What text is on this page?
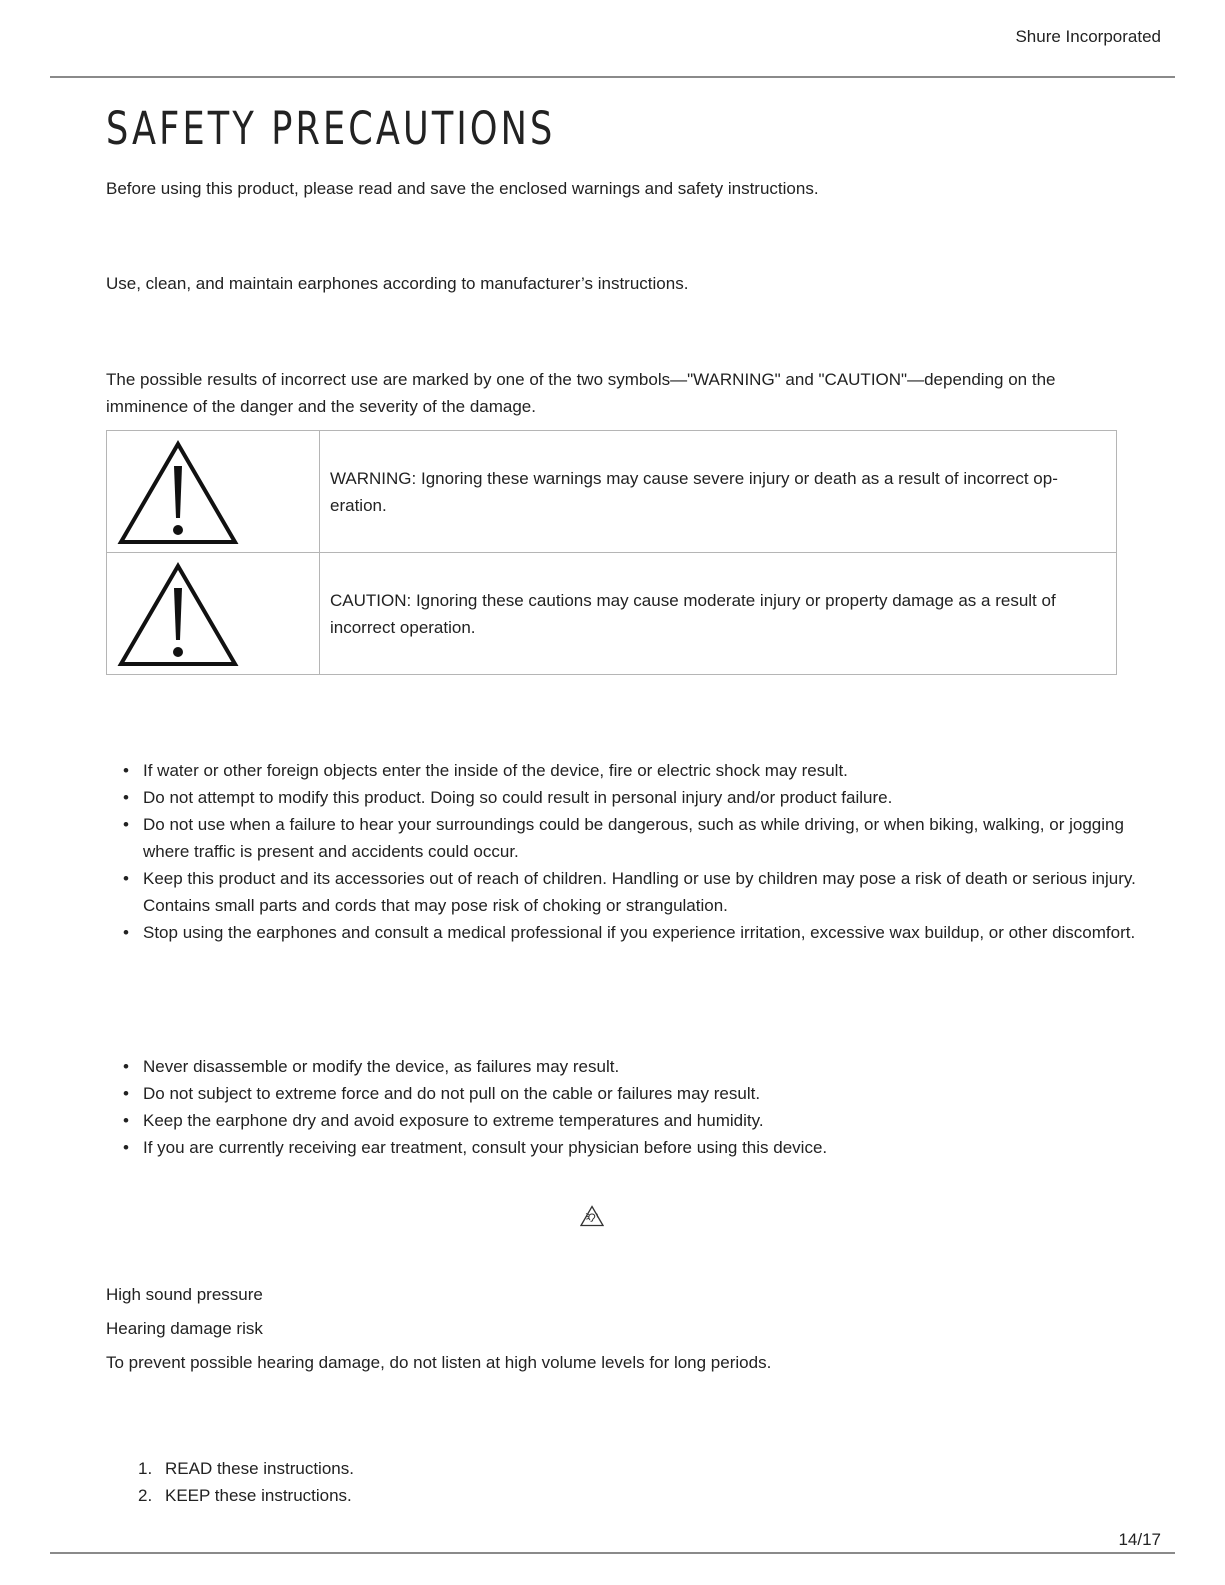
Shure Incorporated
SAFETY PRECAUTIONS

Before using this product, please read and save the enclosed warnings and safety instructions.

Use, clean, and maintain earphones according to manufacturer’s instructions.

The possible results of incorrect use are marked by one of the two symbols—"WARNING" and "CAUTION"—depending on the imminence of the danger and the severity of the damage.

	WARNING: Ignoring these warnings may cause severe injury or death as a result of incorrect operation.

	CAUTION: Ignoring these cautions may cause moderate injury or property damage as a result of incorrect operation.
• If water or other foreign objects enter the inside of the device, fire or electric shock may result.
• Do not attempt to modify this product. Doing so could result in personal injury and/or product failure.
• Do not use when a failure to hear your surroundings could be dangerous, such as while driving, or when biking, walking, or jogging where traffic is present and accidents could occur.
• Keep this product and its accessories out of reach of children. Handling or use by children may pose a risk of death or serious injury. Contains small parts and cords that may pose risk of choking or strangulation.
• Stop using the earphones and consult a medical professional if you experience irritation, excessive wax buildup, or other discomfort.
• Never disassemble or modify the device, as failures may result.
• Do not subject to extreme force and do not pull on the cable or failures may result.
• Keep the earphone dry and avoid exposure to extreme temperatures and humidity.
• If you are currently receiving ear treatment, consult your physician before using this device.

High sound pressure

Hearing damage risk

To prevent possible hearing damage, do not listen at high volume levels for long periods.

1. READ these instructions.
2. KEEP these instructions.
14/17
